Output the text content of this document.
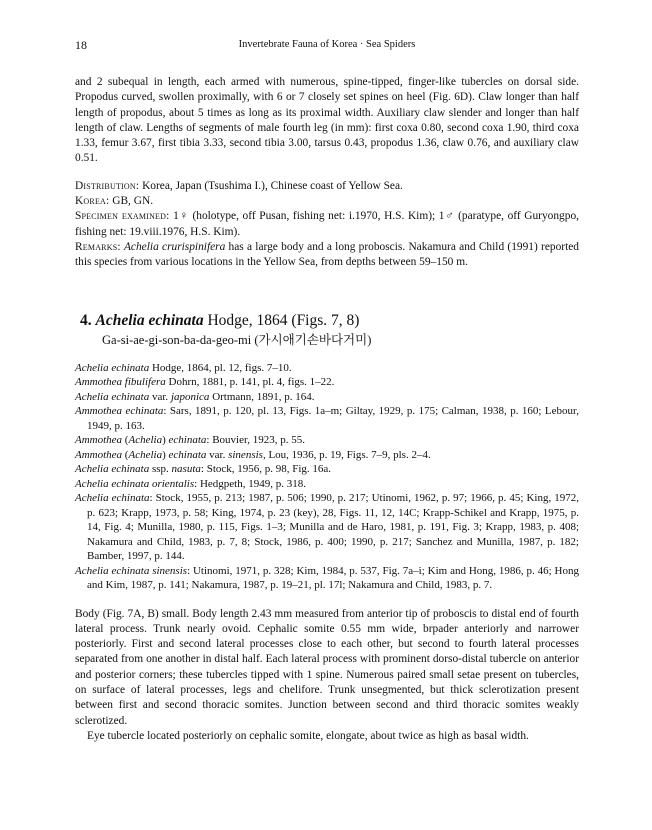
18	Invertebrate Fauna of Korea · Sea Spiders

and 2 subequal in length, each armed with numerous, spine-tipped, finger-like tubercles on dorsal side. Propodus curved, swollen proximally, with 6 or 7 closely set spines on heel (Fig. 6D). Claw longer than half length of propodus, about 5 times as long as its proximal width. Auxiliary claw slender and longer than half length of claw. Lengths of segments of male fourth leg (in mm): first coxa 0.80, second coxa 1.90, third coxa 1.33, femur 3.67, first tibia 3.33, second tibia 3.00, tarsus 0.43, propodus 1.36, claw 0.76, and auxiliary claw 0.51.

Distribution: Korea, Japan (Tsushima I.), Chinese coast of Yellow Sea.

Korea: GB, GN.

Specimen examined: 1♀ (holotype, off Pusan, fishing net: i.1970, H.S. Kim); 1♂ (paratype, off Guryongpo, fishing net: 19.viii.1976, H.S. Kim).

Remarks: Achelia crurispinifera has a large body and a long proboscis. Nakamura and Child (1991) reported this species from various locations in the Yellow Sea, from depths between 59–150 m.

4. Achelia echinata Hodge, 1864 (Figs. 7, 8)
Ga-si-ae-gi-son-ba-da-geo-mi (가시애기손바다거미)
Achelia echinata Hodge, 1864, pl. 12, figs. 7–10.
Ammothea fibulifera Dohrn, 1881, p. 141, pl. 4, figs. 1–22.
Achelia echinata var. japonica Ortmann, 1891, p. 164.
Ammothea echinata: Sars, 1891, p. 120, pl. 13, Figs. 1a–m; Giltay, 1929, p. 175; Calman, 1938, p. 160; Lebour, 1949, p. 163.
Ammothea (Achelia) echinata: Bouvier, 1923, p. 55.
Ammothea (Achelia) echinata var. sinensis, Lou, 1936, p. 19, Figs. 7–9, pls. 2–4.
Achelia echinata ssp. nasuta: Stock, 1956, p. 98, Fig. 16a.
Achelia echinata orientalis: Hedgpeth, 1949, p. 318.
Achelia echinata: Stock, 1955, p. 213; 1987, p. 506; 1990, p. 217; Utinomi, 1962, p. 97; 1966, p. 45; King, 1972, p. 623; Krapp, 1973, p. 58; King, 1974, p. 23 (key), 28, Figs. 11, 12, 14C; Krapp-Schikel and Krapp, 1975, p. 14, Fig. 4; Munilla, 1980, p. 115, Figs. 1–3; Munilla and de Haro, 1981, p. 191, Fig. 3; Krapp, 1983, p. 408; Nakamura and Child, 1983, p. 7, 8; Stock, 1986, p. 400; 1990, p. 217; Sanchez and Munilla, 1987, p. 182; Bamber, 1997, p. 144.
Achelia echinata sinensis: Utinomi, 1971, p. 328; Kim, 1984, p. 537, Fig. 7a–i; Kim and Hong, 1986, p. 46; Hong and Kim, 1987, p. 141; Nakamura, 1987, p. 19–21, pl. 17l; Nakamura and Child, 1983, p. 7.

Body (Fig. 7A, B) small. Body length 2.43 mm measured from anterior tip of proboscis to distal end of fourth lateral process. Trunk nearly ovoid. Cephalic somite 0.55 mm wide, brpader anteriorly and narrower posteriorly. First and second lateral processes close to each other, but second to fourth lateral processes separated from one another in distal half. Each lateral process with prominent dorso-distal tubercle on anterior and posterior corners; these tubercles tipped with 1 spine. Numerous paired small setae present on tubercles, on surface of lateral processes, legs and chelifore. Trunk unsegmented, but thick sclerotization present between first and second thoracic somites. Junction between second and third thoracic somites weakly sclerotized.

Eye tubercle located posteriorly on cephalic somite, elongate, about twice as high as basal width.
